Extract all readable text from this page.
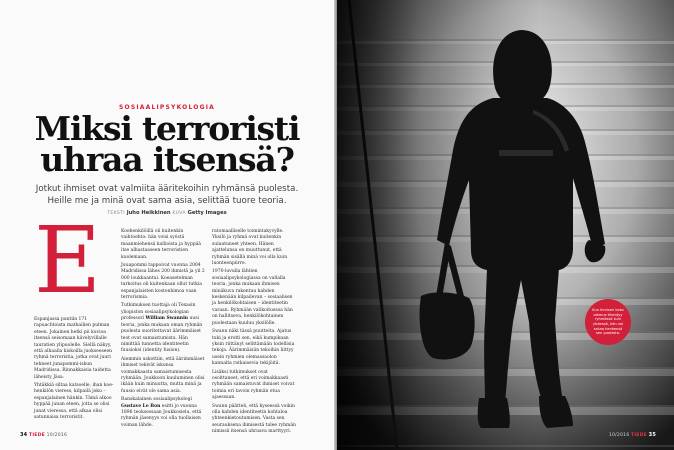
SOSIAALIPSYKOLOGIA
Miksi terroristi
uhraa itsensä?
Jotkut ihmiset ovat valmiita ääritekoihin ryhmänsä puolesta.
Heille me ja minä ovat sama asia, selittää tuore teoria.
TEKSTI Juho Heikkinen KUVA Getty Images
E

Espanjassa puntiin 171 rapuachtoista matkailien pulman eteen. Jokainen hetki pii kuvioa itsensä seisomaan kävelyvillalle tauratien ylipuolelle. Siellä näkyy, että alhaalla kiskoilla juokseeseen ryhmä terroristia, jotka ovat juuri tehneet junapommi-iskun Madridissa. Rinnakkaisia taidetta läheisty Jäsa.

Yhtäkkiä siltaa katsoelle, ihan koe-henkilön vieress, kilpailä joku – espanjalainen hänkin. Tämä alkoo hyppää junan eteen, jotta se olisi junat vieressa, että alkaa olisi satunnaisa terroristit.

Koehenkilöillä oli kuitenkin vaihtoehto: hän voisi syöstä maanmiehensä kallioista ja hyppää itse alhastaaseen terroristien kuolemaan.

Juuapommi tappoivat vuonna 2004 Madridissa lähes 200 ihmistä ja yli 2 000 loukkaantui. Koeasetelman tarkoitus oli kuitenkaan ollut tutkia espanjalaisten kostonhimoa vaan terrorismia.

Tutkimuksen tuottaja oli Texasin yliopiston sosiaalipsykologian professori William Swannin uusi teoria, jonka mukaan oman ryhmän puolesta suoritettavat äärimmäiset teot ovat samaistumista. Hän nimittää tunnetta identiteetin fuusioksi (identity fusion).

Aiemmin uskottiin, että äärimmäiset ihmiset tekivät iskunsa voimakkaasta samaistumisesta ryhmään. Joukkoon kuuluminen olisi ikään kuin minuutta, mutta minä ja fuusio eivät ole sama asia.

Ranskalainen sosiaalipsykologi Gustave Le Bon esitti jo vuonna 1896 teoksessaan Joukkosielu, että ryhmän jäsenyys voi olla tuollaisen voiman lähde.

ratomaalliselle toimintakyvylle. Yksilö ja ryhmä ovat kuitenkin sulautuneet yhteen. Hänen ajattelunsa on muuttunut, että ryhmän sisällä minä voi olla kuin luonteenpiirre.

1970-luvulla lähtien sosiaalipsykologiassa on vallalla teoria, jonka mukaan ihmisen minäkuva rakentuu kahden keskenään kilpailevan – sosiaalisen ja henkilökohtaisen – identiteetin varaan. Ryhmään valikoituessa hän on hallitseva, henkilökohtainen puolestaan kuuluu yksilölle.

Swann näki tässä puutteita. Ajatus tuki ja erotti sen, eikä kumpikaan yksin riittänyt selittämään todellisia tekoja. Äärimmäisiin tekoihin liittyy usein ryhmien olemassaolon kannalta ratkaisevia tekijöitä.

Lisäksi tutkimukset ovat osoittaneet, että eri voimakkaasti ryhmään samaistuvat ihmiset voivat toimia eri tavoin ryhmän etua ajaessaan.

Swann päätteli, että kyseessä voikin olla kahden identiteetin kohtaloa yhteenkietoutumisen. Vasta sen seurauksena ihmisestä tulee ryhmän nimissä itsensä uhraava marttyyri.

34 TIEDE 10/2016
Kun ihmisen koko olemus tihentyy ryhmässä kuin yhdessä, hän voi antaa henkensä sen puolesta.
10/2016 TIEDE 35
